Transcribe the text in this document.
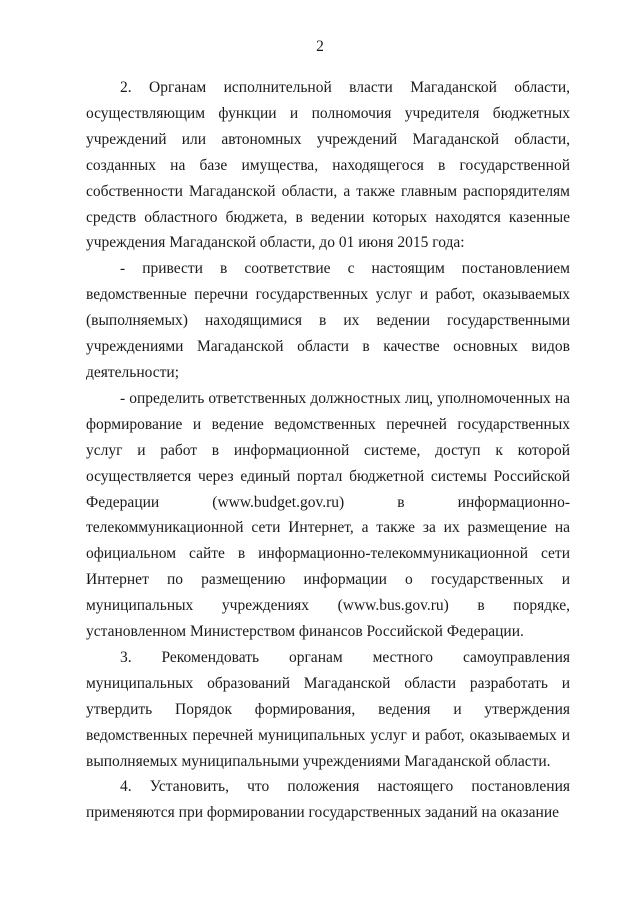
2

2. Органам исполнительной власти Магаданской области, осуществляющим функции и полномочия учредителя бюджетных учреждений или автономных учреждений Магаданской области, созданных на базе имущества, находящегося в государственной собственности Магаданской области, а также главным распорядителям средств областного бюджета, в ведении которых находятся казенные учреждения Магаданской области, до 01 июня 2015 года:

- привести в соответствие с настоящим постановлением ведомственные перечни государственных услуг и работ, оказываемых (выполняемых) находящимися в их ведении государственными учреждениями Магаданской области в качестве основных видов деятельности;

- определить ответственных должностных лиц, уполномоченных на формирование и ведение ведомственных перечней государственных услуг и работ в информационной системе, доступ к которой осуществляется через единый портал бюджетной системы Российской Федерации (www.budget.gov.ru) в информационно-телекоммуникационной сети Интернет, а также за их размещение на официальном сайте в информационно-телекоммуникационной сети Интернет по размещению информации о государственных и муниципальных учреждениях (www.bus.gov.ru) в порядке, установленном Министерством финансов Российской Федерации.

3. Рекомендовать органам местного самоуправления муниципальных образований Магаданской области разработать и утвердить Порядок формирования, ведения и утверждения ведомственных перечней муниципальных услуг и работ, оказываемых и выполняемых муниципальными учреждениями Магаданской области.

4. Установить, что положения настоящего постановления применяются при формировании государственных заданий на оказание
